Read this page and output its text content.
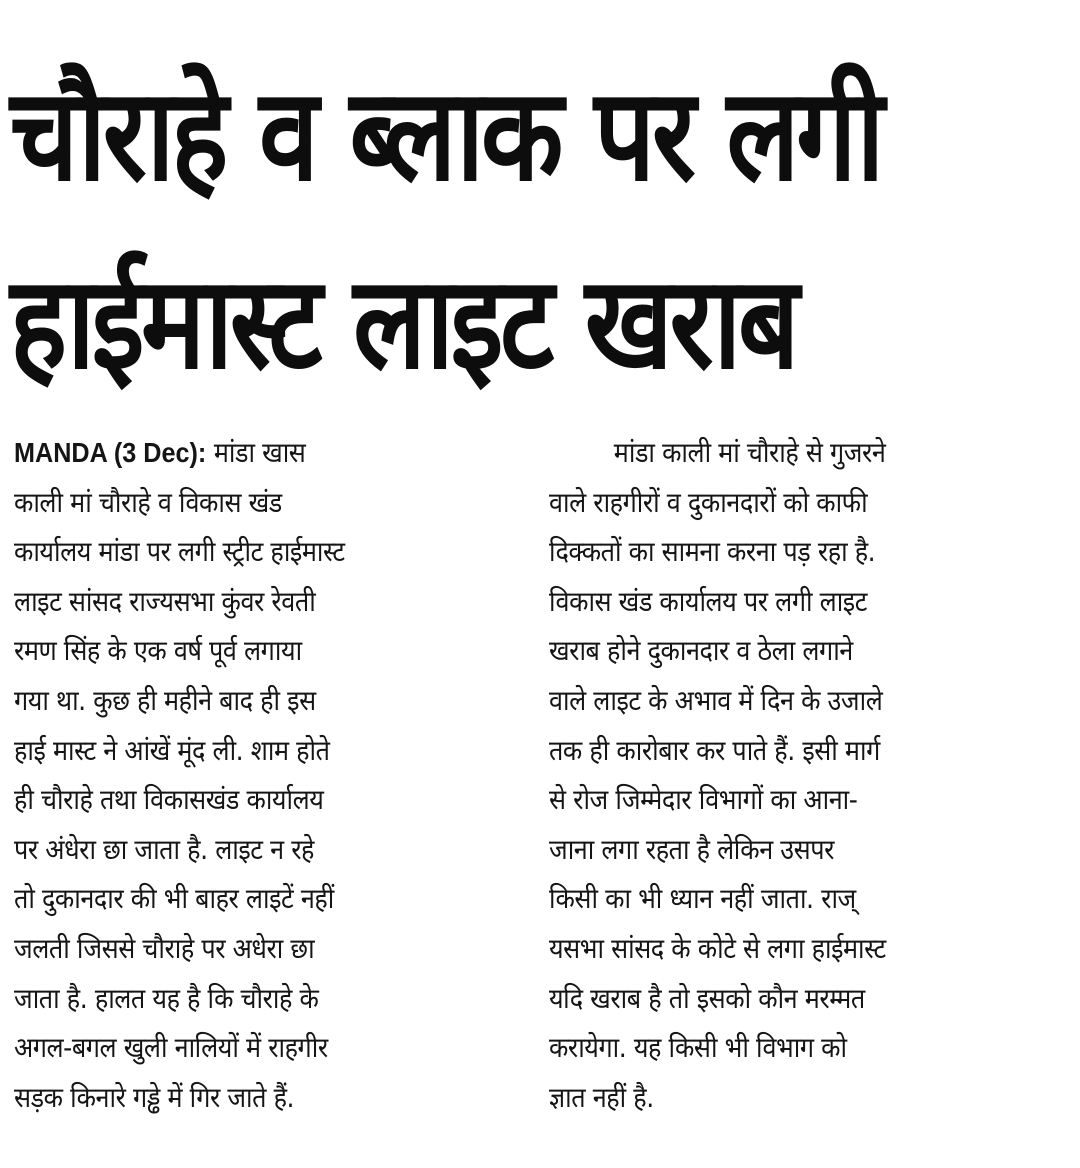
चौराहे व ब्लाक पर लगी
हाईमास्ट लाइट खराब
MANDA (3 Dec): मांडा खास
काली मां चौराहे व विकास खंड
कार्यालय मांडा पर लगी स्ट्रीट हाईमास्ट
लाइट सांसद राज्यसभा कुंवर रेवती
रमण सिंह के एक वर्ष पूर्व लगाया
गया था. कुछ ही महीने बाद ही इस
हाई मास्ट ने आंखें मूंद ली. शाम होते
ही चौराहे तथा विकासखंड कार्यालय
पर अंधेरा छा जाता है. लाइट न रहे
तो दुकानदार की भी बाहर लाइटें नहीं
जलती जिससे चौराहे पर अधेरा छा
जाता है. हालत यह है कि चौराहे के
अगल-बगल खुली नालियों में राहगीर
सड़क किनारे गड्ढे में गिर जाते हैं.
मांडा काली मां चौराहे से गुजरने
वाले राहगीरों व दुकानदारों को काफी
दिक्कतों का सामना करना पड़ रहा है.
विकास खंड कार्यालय पर लगी लाइट
खराब होने दुकानदार व ठेला लगाने
वाले लाइट के अभाव में दिन के उजाले
तक ही कारोबार कर पाते हैं. इसी मार्ग
से रोज जिम्मेदार विभागों का आना-
जाना लगा रहता है लेकिन उसपर
किसी का भी ध्यान नहीं जाता. राज्
यसभा सांसद के कोटे से लगा हाईमास्ट
यदि खराब है तो इसको कौन मरम्मत
करायेगा. यह किसी भी विभाग को
ज्ञात नहीं है.
